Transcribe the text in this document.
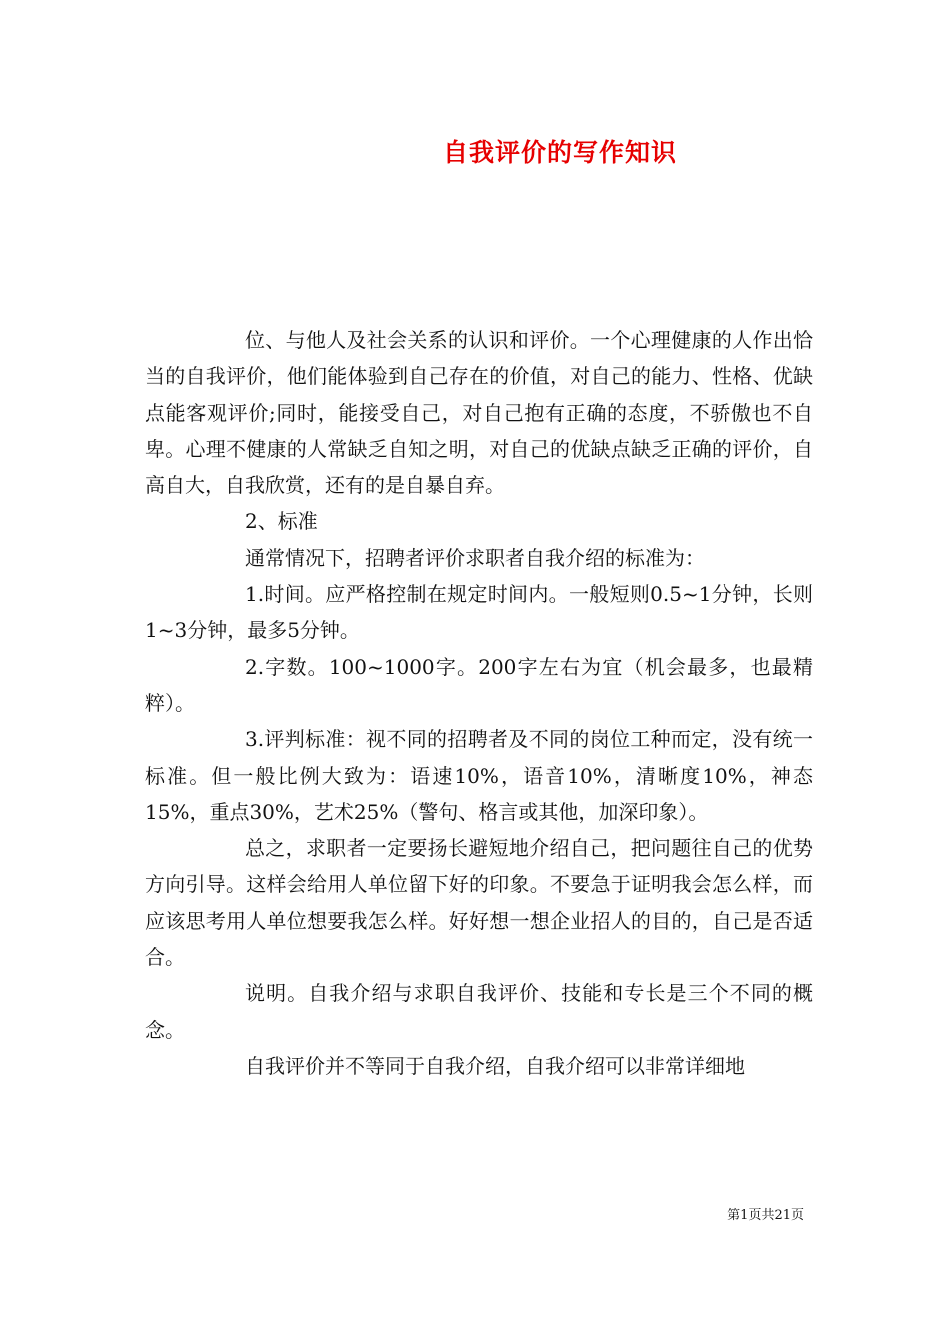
自我评价的写作知识

位、与他人及社会关系的认识和评价。一个心理健康的人作出恰当的自我评价，他们能体验到自己存在的价值，对自己的能力、性格、优缺点能客观评价;同时，能接受自己，对自己抱有正确的态度，不骄傲也不自卑。心理不健康的人常缺乏自知之明，对自己的优缺点缺乏正确的评价，自高自大，自我欣赏，还有的是自暴自弃。

2、标准

通常情况下，招聘者评价求职者自我介绍的标准为：

1.时间。应严格控制在规定时间内。一般短则0.5~1分钟，长则1~3分钟，最多5分钟。

2.字数。100~1000字。200字左右为宜（机会最多，也最精粹）。

3.评判标准：视不同的招聘者及不同的岗位工种而定，没有统一标准。但一般比例大致为：语速10%，语音10%，清晰度10%，神态15%，重点30%，艺术25%（警句、格言或其他，加深印象）。

总之，求职者一定要扬长避短地介绍自己，把问题往自己的优势方向引导。这样会给用人单位留下好的印象。不要急于证明我会怎么样，而应该思考用人单位想要我怎么样。好好想一想企业招人的目的，自己是否适合。

说明。自我介绍与求职自我评价、技能和专长是三个不同的概念。

自我评价并不等同于自我介绍，自我介绍可以非常详细地

第1页共21页
